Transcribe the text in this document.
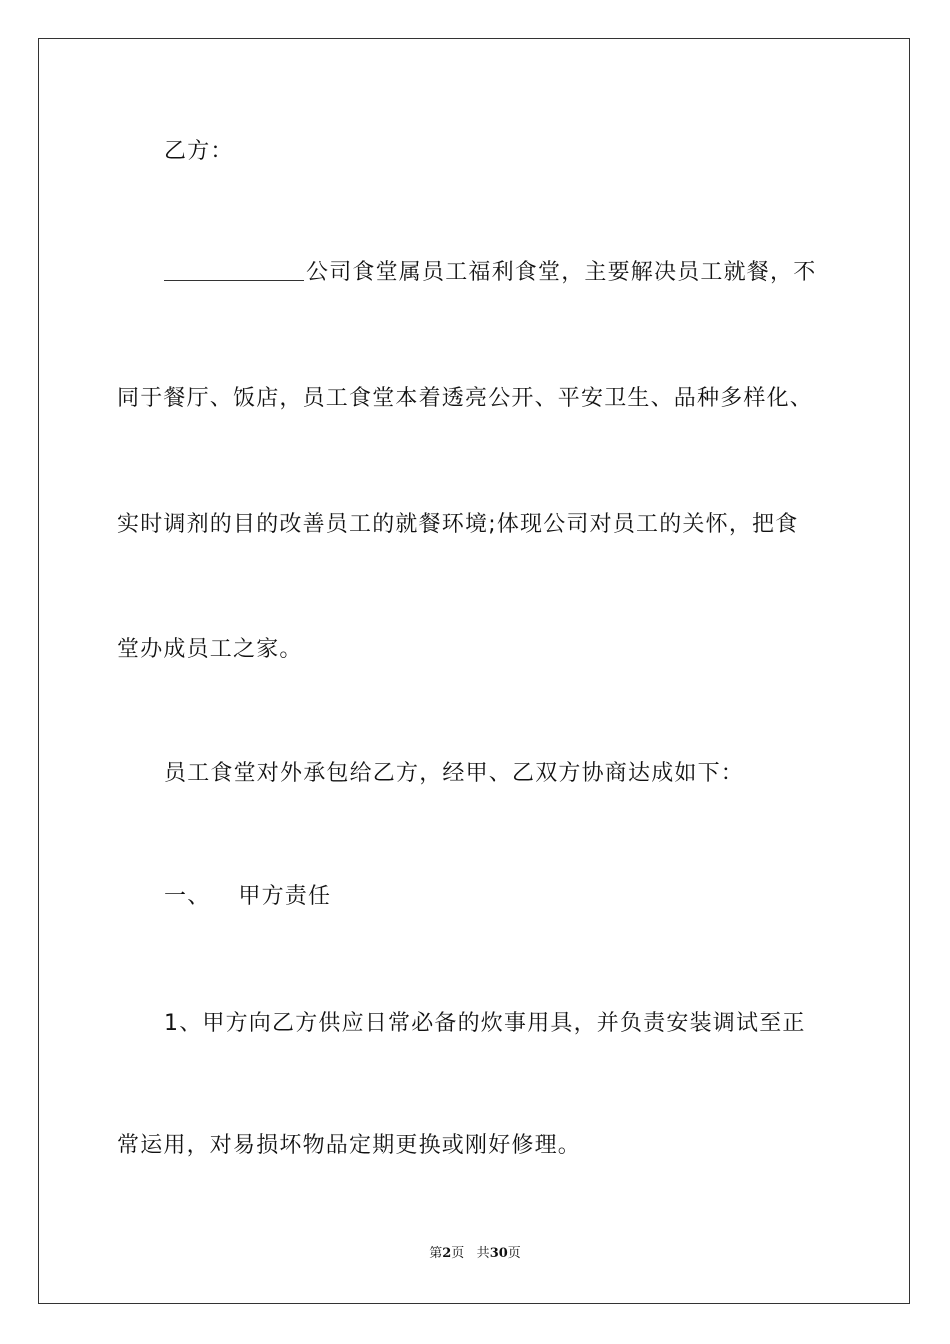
乙方：
公司食堂属员工福利食堂，主要解决员工就餐，不
同于餐厅、饭店，员工食堂本着透亮公开、平安卫生、品种多样化、
实时调剂的目的改善员工的就餐环境;体现公司对员工的关怀，把食
堂办成员工之家。
员工食堂对外承包给乙方，经甲、乙双方协商达成如下：
一、 甲方责任
1、甲方向乙方供应日常必备的炊事用具，并负责安装调试至正
常运用，对易损坏物品定期更换或刚好修理。
第2页 共30页
